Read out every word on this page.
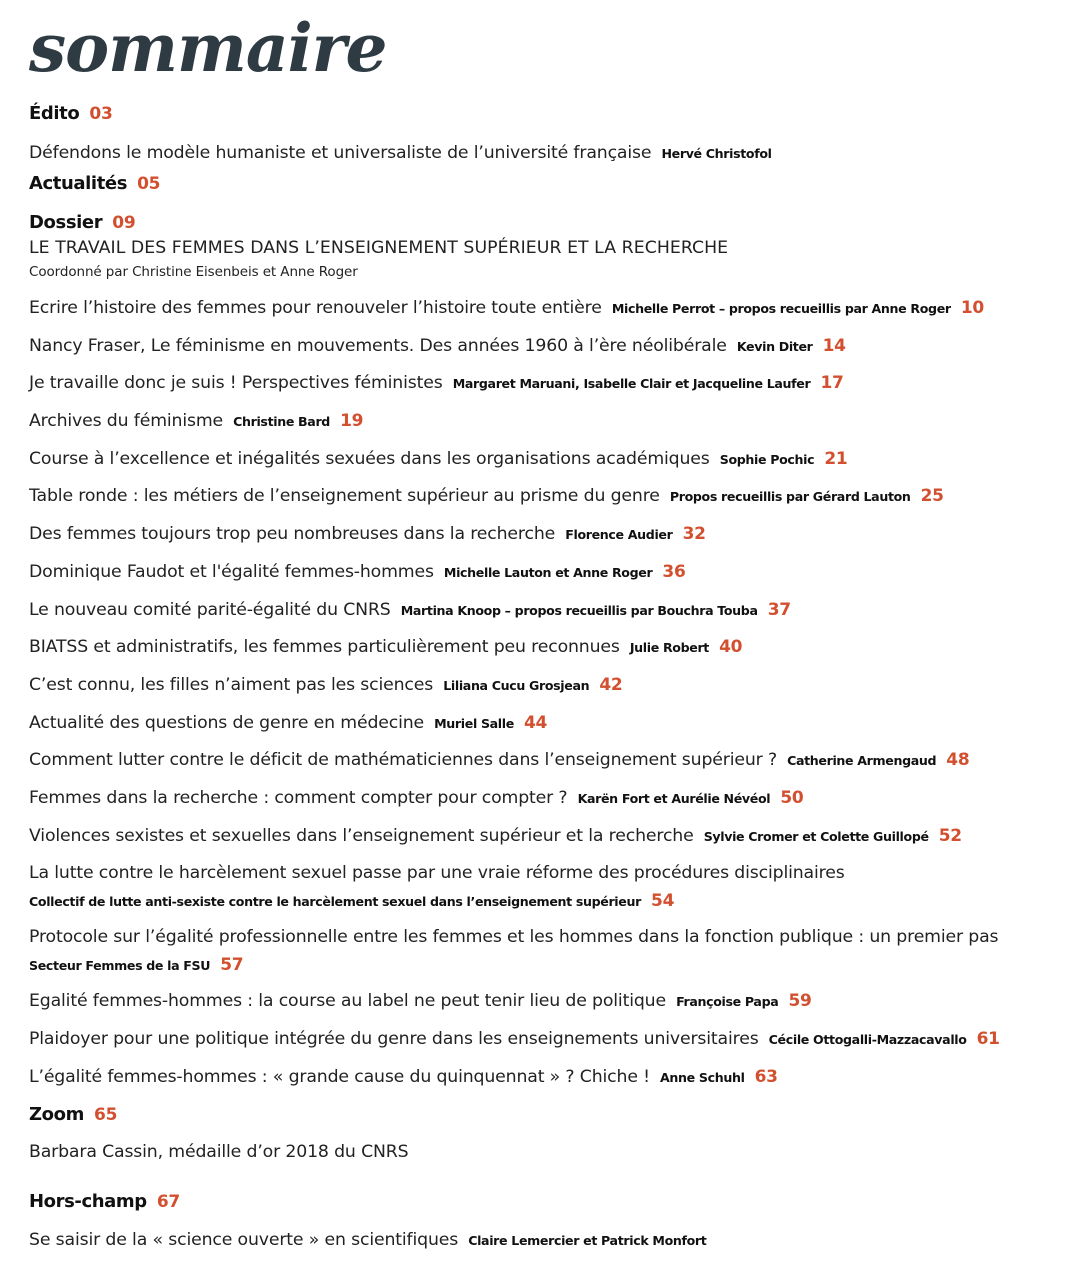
sommaire
Édito 03
Défendons le modèle humaniste et universaliste de l’université française Hervé Christofol
Actualités 05
Dossier 09
LE TRAVAIL DES FEMMES DANS L’ENSEIGNEMENT SUPÉRIEUR ET LA RECHERCHE
Coordonné par Christine Eisenbeis et Anne Roger
Ecrire l’histoire des femmes pour renouveler l’histoire toute entière Michelle Perrot – propos recueillis par Anne Roger 10
Nancy Fraser, Le féminisme en mouvements. Des années 1960 à l’ère néolibérale Kevin Diter 14
Je travaille donc je suis ! Perspectives féministes Margaret Maruani, Isabelle Clair et Jacqueline Laufer 17
Archives du féminisme Christine Bard 19
Course à l’excellence et inégalités sexuées dans les organisations académiques Sophie Pochic 21
Table ronde : les métiers de l’enseignement supérieur au prisme du genre Propos recueillis par Gérard Lauton 25
Des femmes toujours trop peu nombreuses dans la recherche Florence Audier 32
Dominique Faudot et l'égalité femmes-hommes Michelle Lauton et Anne Roger 36
Le nouveau comité parité-égalité du CNRS Martina Knoop – propos recueillis par Bouchra Touba 37
BIATSS et administratifs, les femmes particulièrement peu reconnues Julie Robert 40
C’est connu, les filles n’aiment pas les sciences Liliana Cucu Grosjean 42
Actualité des questions de genre en médecine Muriel Salle 44
Comment lutter contre le déficit de mathématiciennes dans l’enseignement supérieur ? Catherine Armengaud 48
Femmes dans la recherche : comment compter pour compter ? Karën Fort et Aurélie Névéol 50
Violences sexistes et sexuelles dans l’enseignement supérieur et la recherche Sylvie Cromer et Colette Guillopé 52
La lutte contre le harcèlement sexuel passe par une vraie réforme des procédures disciplinaires
Collectif de lutte anti-sexiste contre le harcèlement sexuel dans l’enseignement supérieur 54
Protocole sur l’égalité professionnelle entre les femmes et les hommes dans la fonction publique : un premier pas
Secteur Femmes de la FSU 57
Egalité femmes-hommes : la course au label ne peut tenir lieu de politique Françoise Papa 59
Plaidoyer pour une politique intégrée du genre dans les enseignements universitaires Cécile Ottogalli-Mazzacavallo 61
L’égalité femmes-hommes : « grande cause du quinquennat » ? Chiche ! Anne Schuhl 63
Zoom 65
Barbara Cassin, médaille d’or 2018 du CNRS
Hors-champ 67
Se saisir de la « science ouverte » en scientifiques Claire Lemercier et Patrick Monfort
